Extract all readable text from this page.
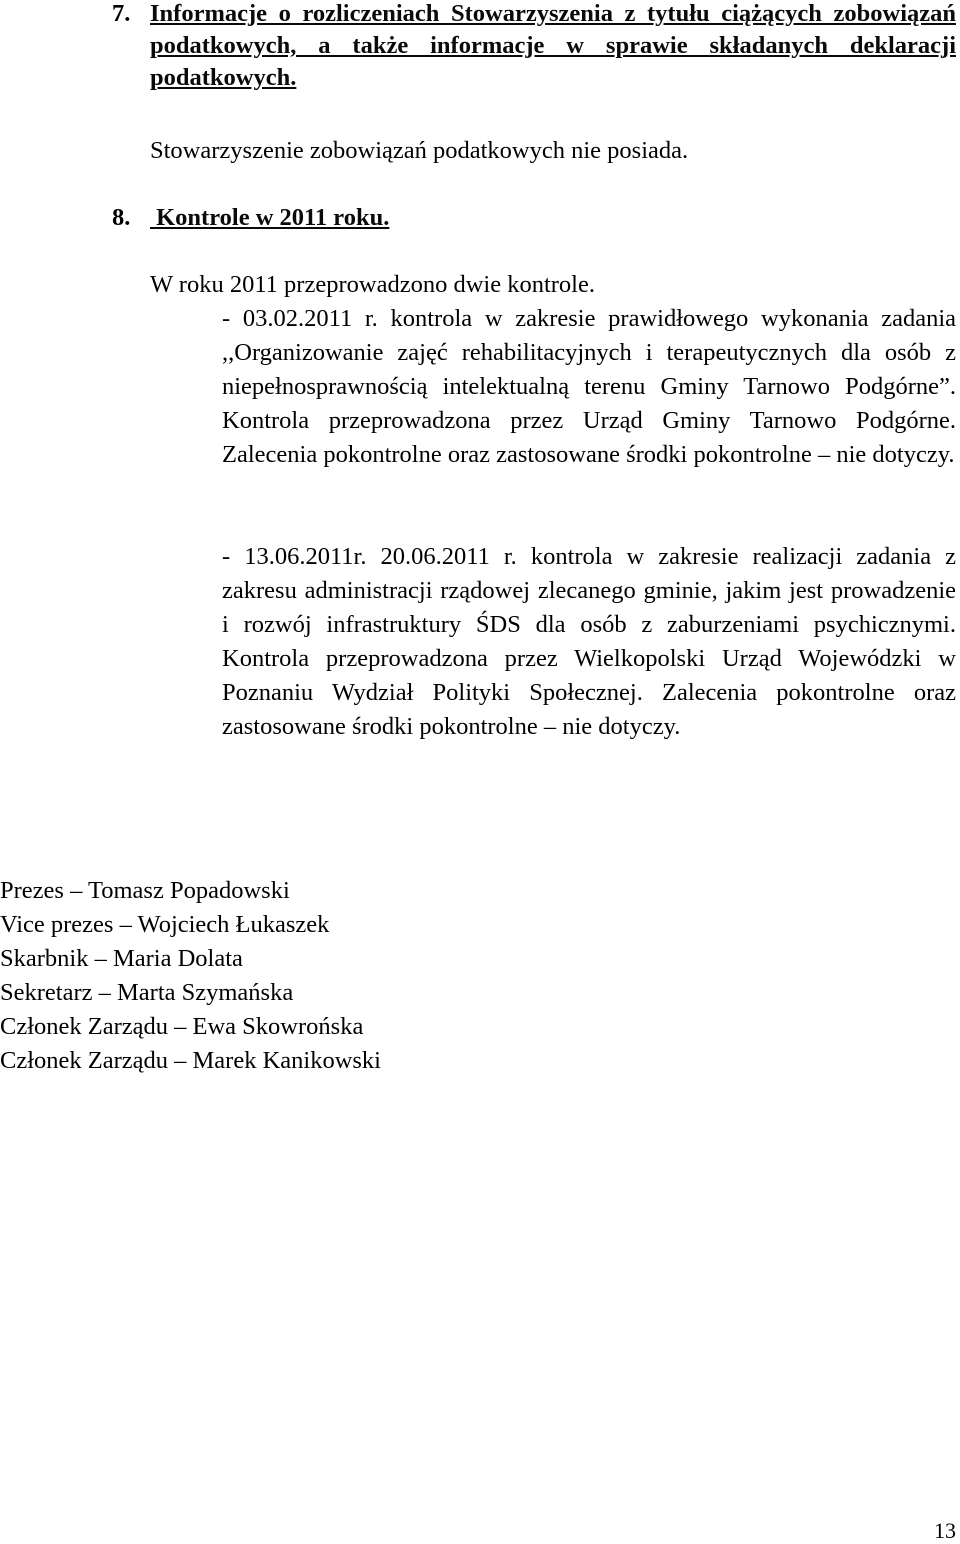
7. Informacje o rozliczeniach Stowarzyszenia z tytułu ciążących zobowiązań podatkowych, a także informacje w sprawie składanych deklaracji podatkowych.
Stowarzyszenie zobowiązań podatkowych nie posiada.
8. Kontrole w 2011 roku.
W roku 2011 przeprowadzono dwie kontrole.
- 03.02.2011 r. kontrola w zakresie prawidłowego wykonania zadania ,,Organizowanie zajęć rehabilitacyjnych i terapeutycznych dla osób z niepełnosprawnością intelektualną terenu Gminy Tarnowo Podgórne”. Kontrola przeprowadzona przez Urząd Gminy Tarnowo Podgórne. Zalecenia pokontrolne oraz zastosowane środki pokontrolne – nie dotyczy.
- 13.06.2011r. 20.06.2011 r. kontrola w zakresie realizacji zadania z zakresu administracji rządowej zlecanego gminie, jakim jest prowadzenie i rozwój infrastruktury ŚDS dla osób z zaburzeniami psychicznymi. Kontrola przeprowadzona przez Wielkopolski Urząd Wojewódzki w Poznaniu Wydział Polityki Społecznej. Zalecenia pokontrolne oraz zastosowane środki pokontrolne – nie dotyczy.
Prezes – Tomasz Popadowski
Vice prezes – Wojciech Łukaszek
Skarbnik – Maria Dolata
Sekretarz – Marta Szymańska
Członek Zarządu – Ewa Skowrońska
Członek Zarządu – Marek Kanikowski
13
